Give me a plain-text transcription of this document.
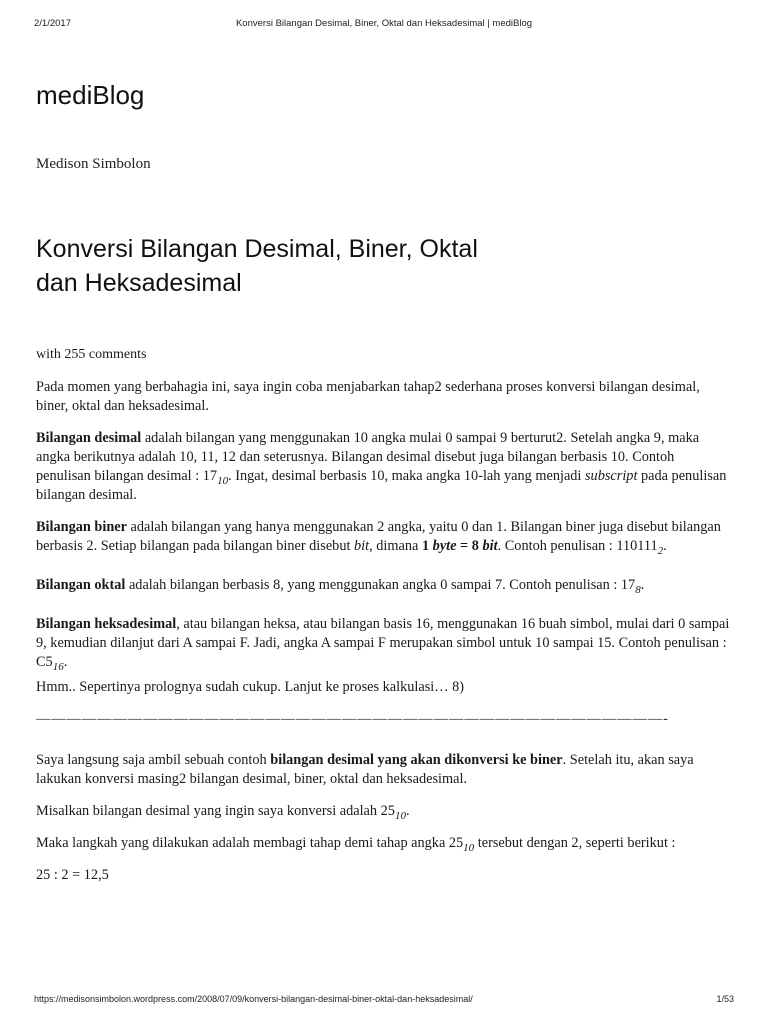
2/1/2017	Konversi Bilangan Desimal, Biner, Oktal dan Heksadesimal | mediBlog
mediBlog
Medison Simbolon
Konversi Bilangan Desimal, Biner, Oktal dan Heksadesimal
with 255 comments

Pada momen yang berbahagia ini, saya ingin coba menjabarkan tahap2 sederhana proses konversi bilangan desimal, biner, oktal dan heksadesimal.

Bilangan desimal adalah bilangan yang menggunakan 10 angka mulai 0 sampai 9 berturut2. Setelah angka 9, maka angka berikutnya adalah 10, 11, 12 dan seterusnya. Bilangan desimal disebut juga bilangan berbasis 10. Contoh penulisan bilangan desimal : $17_{10}$. Ingat, desimal berbasis 10, maka angka 10-lah yang menjadi subscript pada penulisan bilangan desimal.

Bilangan biner adalah bilangan yang hanya menggunakan 2 angka, yaitu 0 dan 1. Bilangan biner juga disebut bilangan berbasis 2. Setiap bilangan pada bilangan biner disebut bit, dimana 1 byte = 8 bit. Contoh penulisan : $110111_2$.

Bilangan oktal adalah bilangan berbasis 8, yang menggunakan angka 0 sampai 7. Contoh penulisan : $17_8$.

Bilangan heksadesimal, atau bilangan heksa, atau bilangan basis 16, menggunakan 16 buah simbol, mulai dari 0 sampai 9, kemudian dilanjut dari A sampai F. Jadi, angka A sampai F merupakan simbol untuk 10 sampai 15. Contoh penulisan : $C5_{16}$.

Hmm.. Sepertinya prolognya sudah cukup. Lanjut ke proses kalkulasi… 8)

—————————————————————————————————————————-

Saya langsung saja ambil sebuah contoh bilangan desimal yang akan dikonversi ke biner. Setelah itu, akan saya lakukan konversi masing2 bilangan desimal, biner, oktal dan heksadesimal.

Misalkan bilangan desimal yang ingin saya konversi adalah $25_{10}$.

Maka langkah yang dilakukan adalah membagi tahap demi tahap angka $25_{10}$ tersebut dengan 2, seperti berikut :

25 : 2 = 12,5

https://medisonsimbolon.wordpress.com/2008/07/09/konversi-bilangan-desimal-biner-oktal-dan-heksadesimal/	1/53
